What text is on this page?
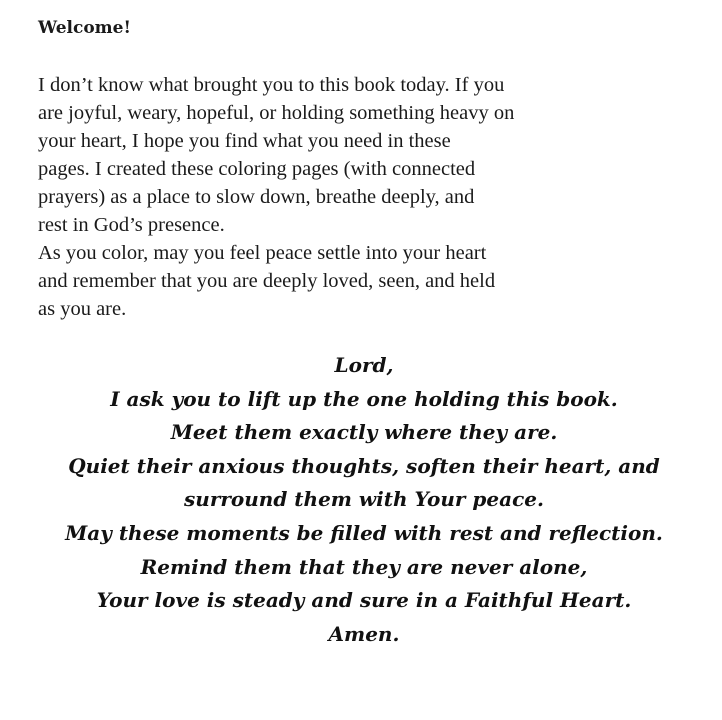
Welcome!
I don’t know what brought you to this book today. If you
are joyful, weary, hopeful, or holding something heavy on
your heart, I hope you find what you need in these
pages. I created these coloring pages (with connected
prayers) as a place to slow down, breathe deeply, and
rest in God’s presence.
As you color, may you feel peace settle into your heart
and remember that you are deeply loved, seen, and held
as you are.
Lord,
I ask you to lift up the one holding this book.
Meet them exactly where they are.
Quiet their anxious thoughts, soften their heart, and
surround them with Your peace.
May these moments be filled with rest and reflection.
Remind them that they are never alone,
Your love is steady and sure in a Faithful Heart.
Amen.
